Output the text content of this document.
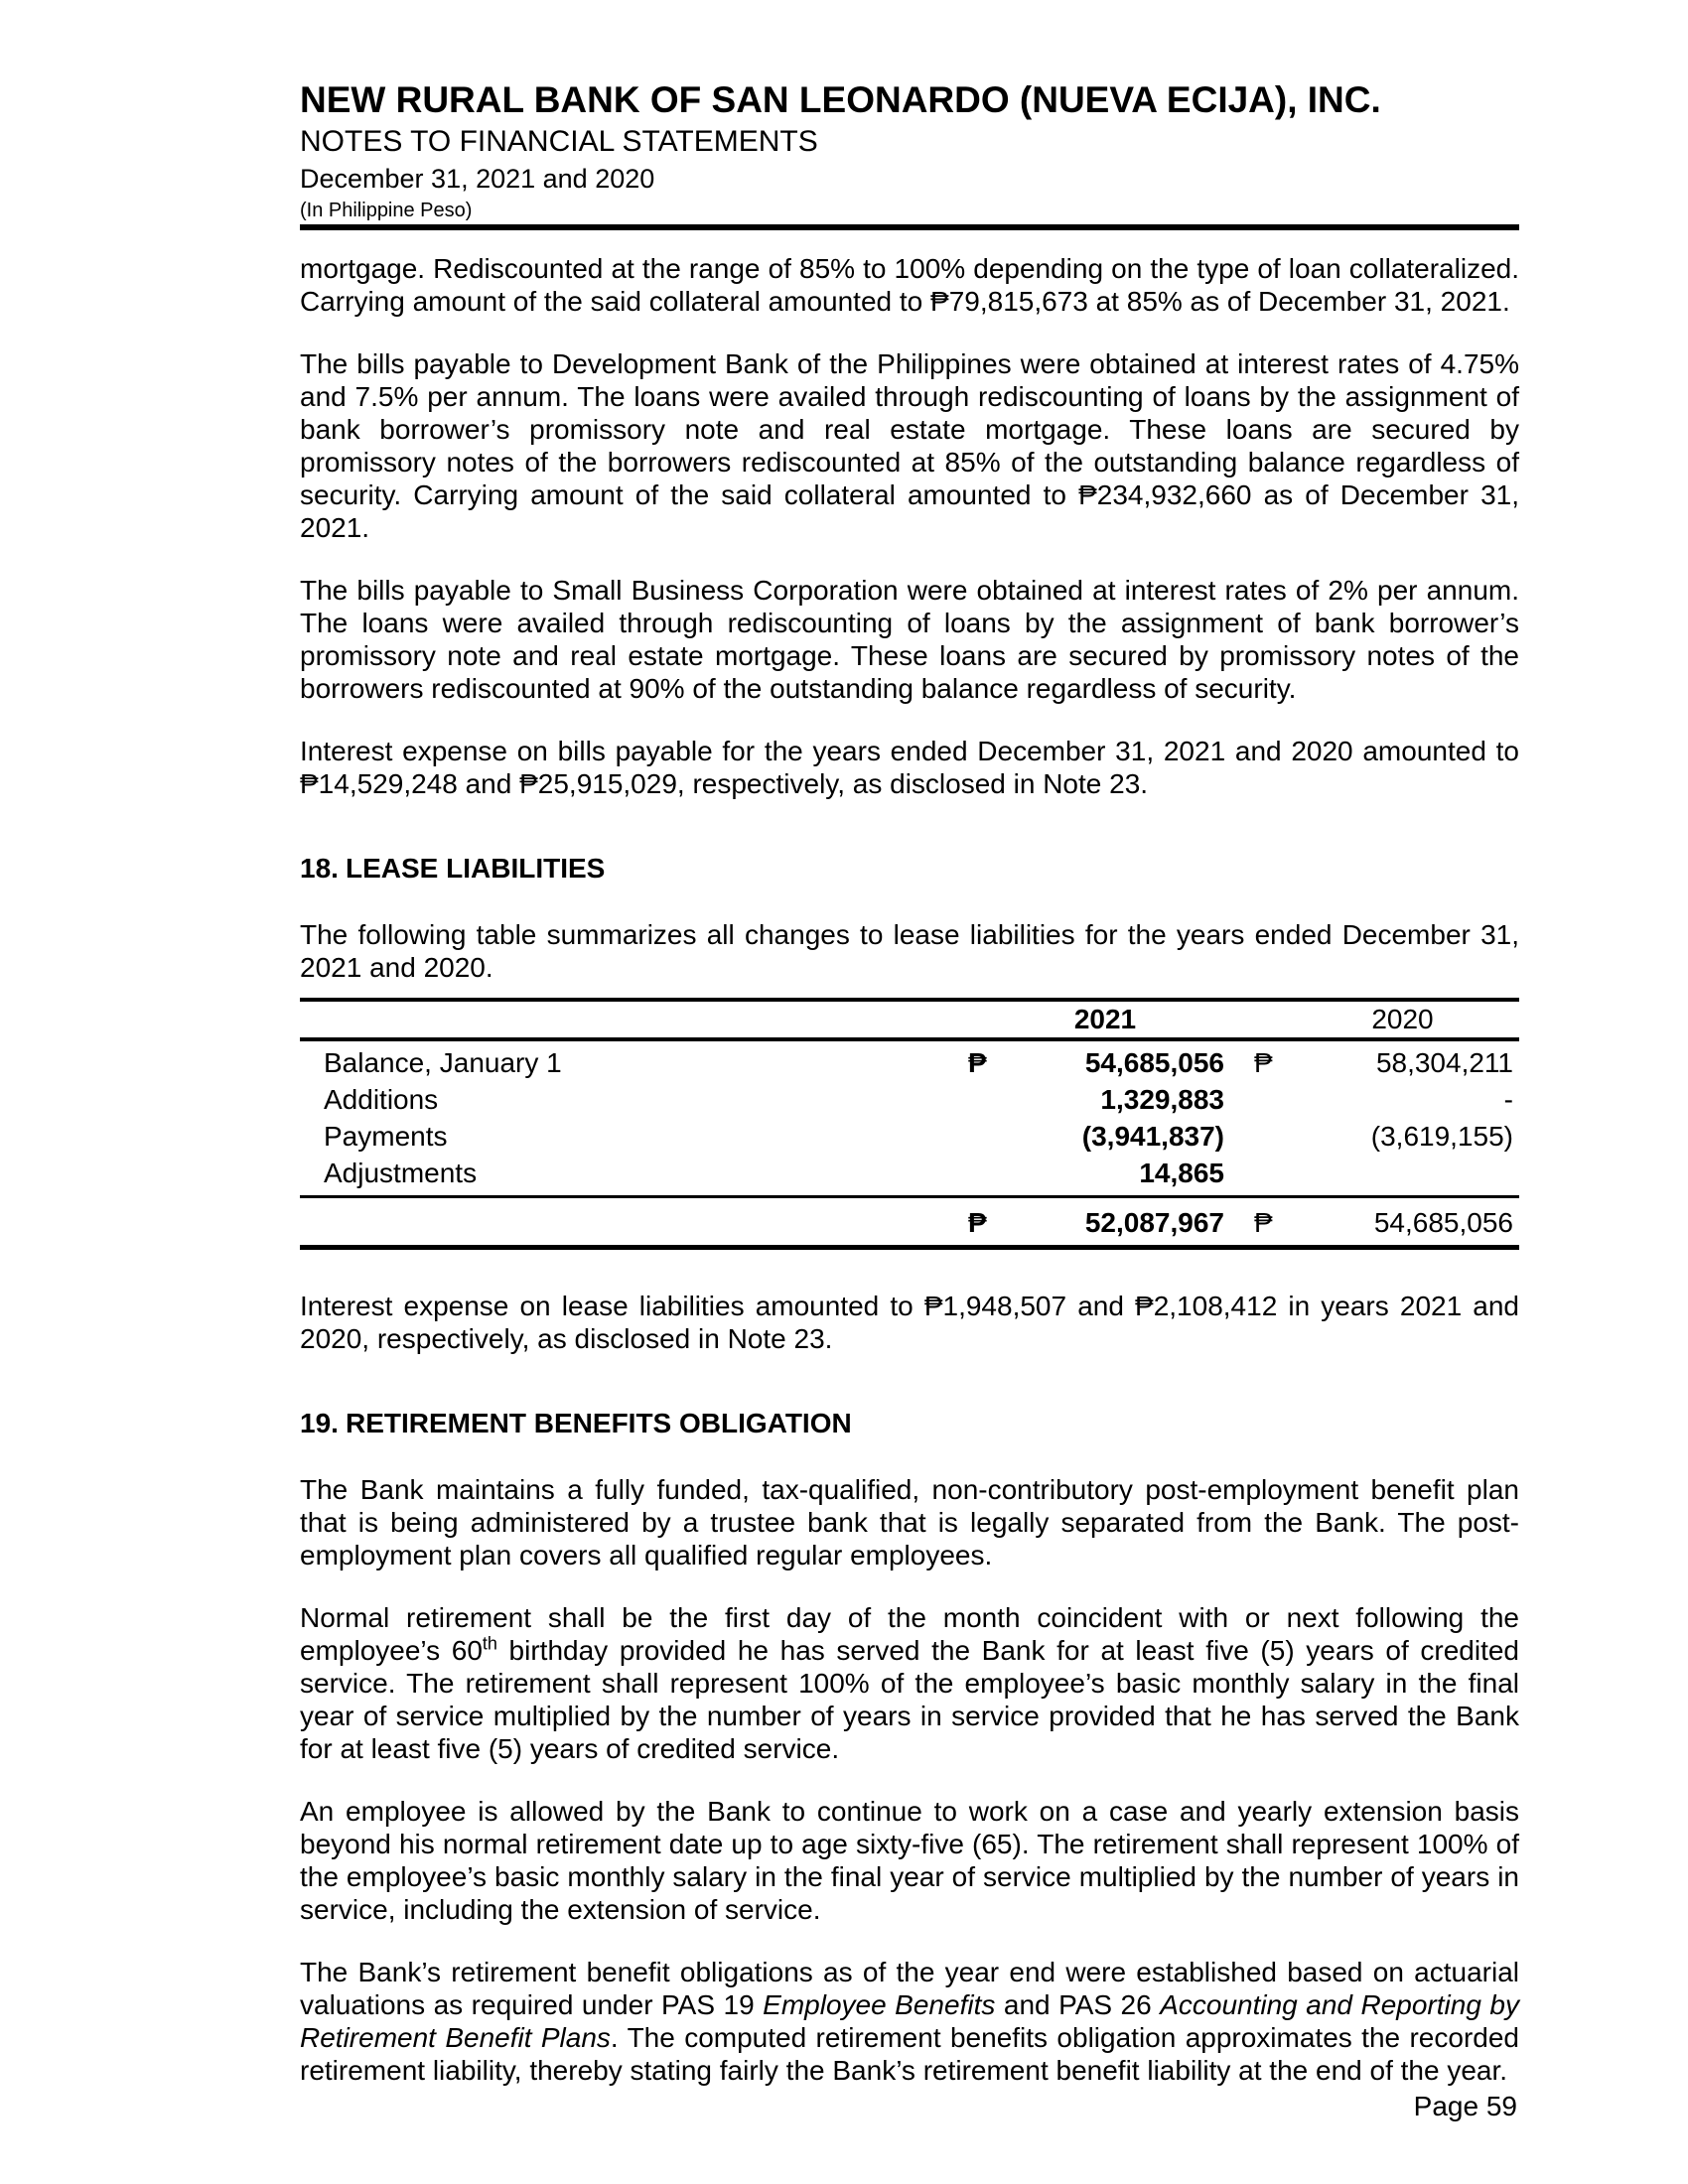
NEW RURAL BANK OF SAN LEONARDO (NUEVA ECIJA), INC.
NOTES TO FINANCIAL STATEMENTS
December 31, 2021 and 2020
(In Philippine Peso)

mortgage. Rediscounted at the range of 85% to 100% depending on the type of loan collateralized. Carrying amount of the said collateral amounted to ₱79,815,673 at 85% as of December 31, 2021.

The bills payable to Development Bank of the Philippines were obtained at interest rates of 4.75% and 7.5% per annum. The loans were availed through rediscounting of loans by the assignment of bank borrower’s promissory note and real estate mortgage. These loans are secured by promissory notes of the borrowers rediscounted at 85% of the outstanding balance regardless of security. Carrying amount of the said collateral amounted to ₱234,932,660 as of December 31, 2021.

The bills payable to Small Business Corporation were obtained at interest rates of 2% per annum. The loans were availed through rediscounting of loans by the assignment of bank borrower’s promissory note and real estate mortgage. These loans are secured by promissory notes of the borrowers rediscounted at 90% of the outstanding balance regardless of security.

Interest expense on bills payable for the years ended December 31, 2021 and 2020 amounted to ₱14,529,248 and ₱25,915,029, respectively, as disclosed in Note 23.

18. LEASE LIABILITIES

The following table summarizes all changes to lease liabilities for the years ended December 31, 2021 and 2020.

2021	2020
Balance, January 1	₱	54,685,056	₱	58,304,211
Additions	1,329,883	-
Payments	(3,941,837)	(3,619,155)
Adjustments	14,865
₱	52,087,967	₱	54,685,056

Interest expense on lease liabilities amounted to ₱1,948,507 and ₱2,108,412 in years 2021 and 2020, respectively, as disclosed in Note 23.

19. RETIREMENT BENEFITS OBLIGATION

The Bank maintains a fully funded, tax-qualified, non-contributory post-employment benefit plan that is being administered by a trustee bank that is legally separated from the Bank. The post-employment plan covers all qualified regular employees.

Normal retirement shall be the first day of the month coincident with or next following the employee’s 60th birthday provided he has served the Bank for at least five (5) years of credited service. The retirement shall represent 100% of the employee’s basic monthly salary in the final year of service multiplied by the number of years in service provided that he has served the Bank for at least five (5) years of credited service.

An employee is allowed by the Bank to continue to work on a case and yearly extension basis beyond his normal retirement date up to age sixty-five (65). The retirement shall represent 100% of the employee’s basic monthly salary in the final year of service multiplied by the number of years in service, including the extension of service.

The Bank’s retirement benefit obligations as of the year end were established based on actuarial valuations as required under PAS 19 Employee Benefits and PAS 26 Accounting and Reporting by Retirement Benefit Plans. The computed retirement benefits obligation approximates the recorded retirement liability, thereby stating fairly the Bank’s retirement benefit liability at the end of the year.

Page 59
